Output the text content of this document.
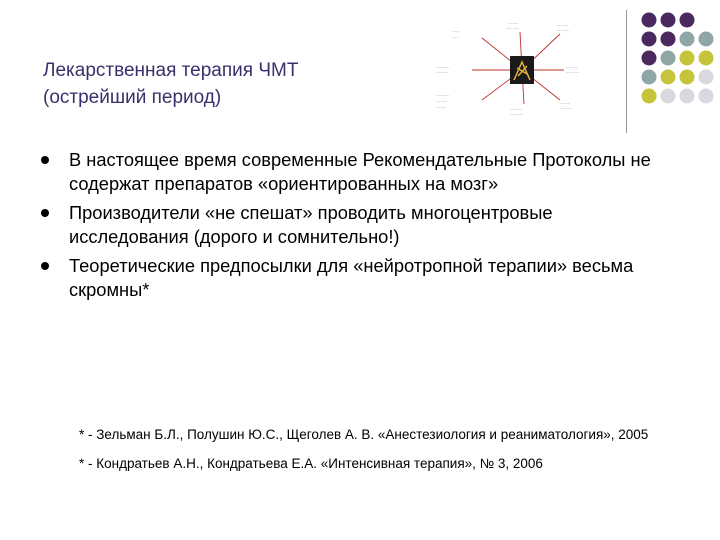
Лекарственная терапия ЧМТ
(острейший период)
.......
.....
.........
............
..........
...........
............
...........
...........
............
............
..........
.........	...........
............
.........
..........
В настоящее время современные Рекомендательные Протоколы не содержат препаратов «ориентированных на мозг»
Производители «не спешат» проводить многоцентровые исследования (дорого и сомнительно!)
Теоретические предпосылки для «нейротропной терапии» весьма скромны*

* - Зельман Б.Л., Полушин Ю.С., Щеголев А. В. «Анестезиология и реаниматология», 2005

* - Кондратьев А.Н., Кондратьева Е.А. «Интенсивная терапия», № 3, 2006
